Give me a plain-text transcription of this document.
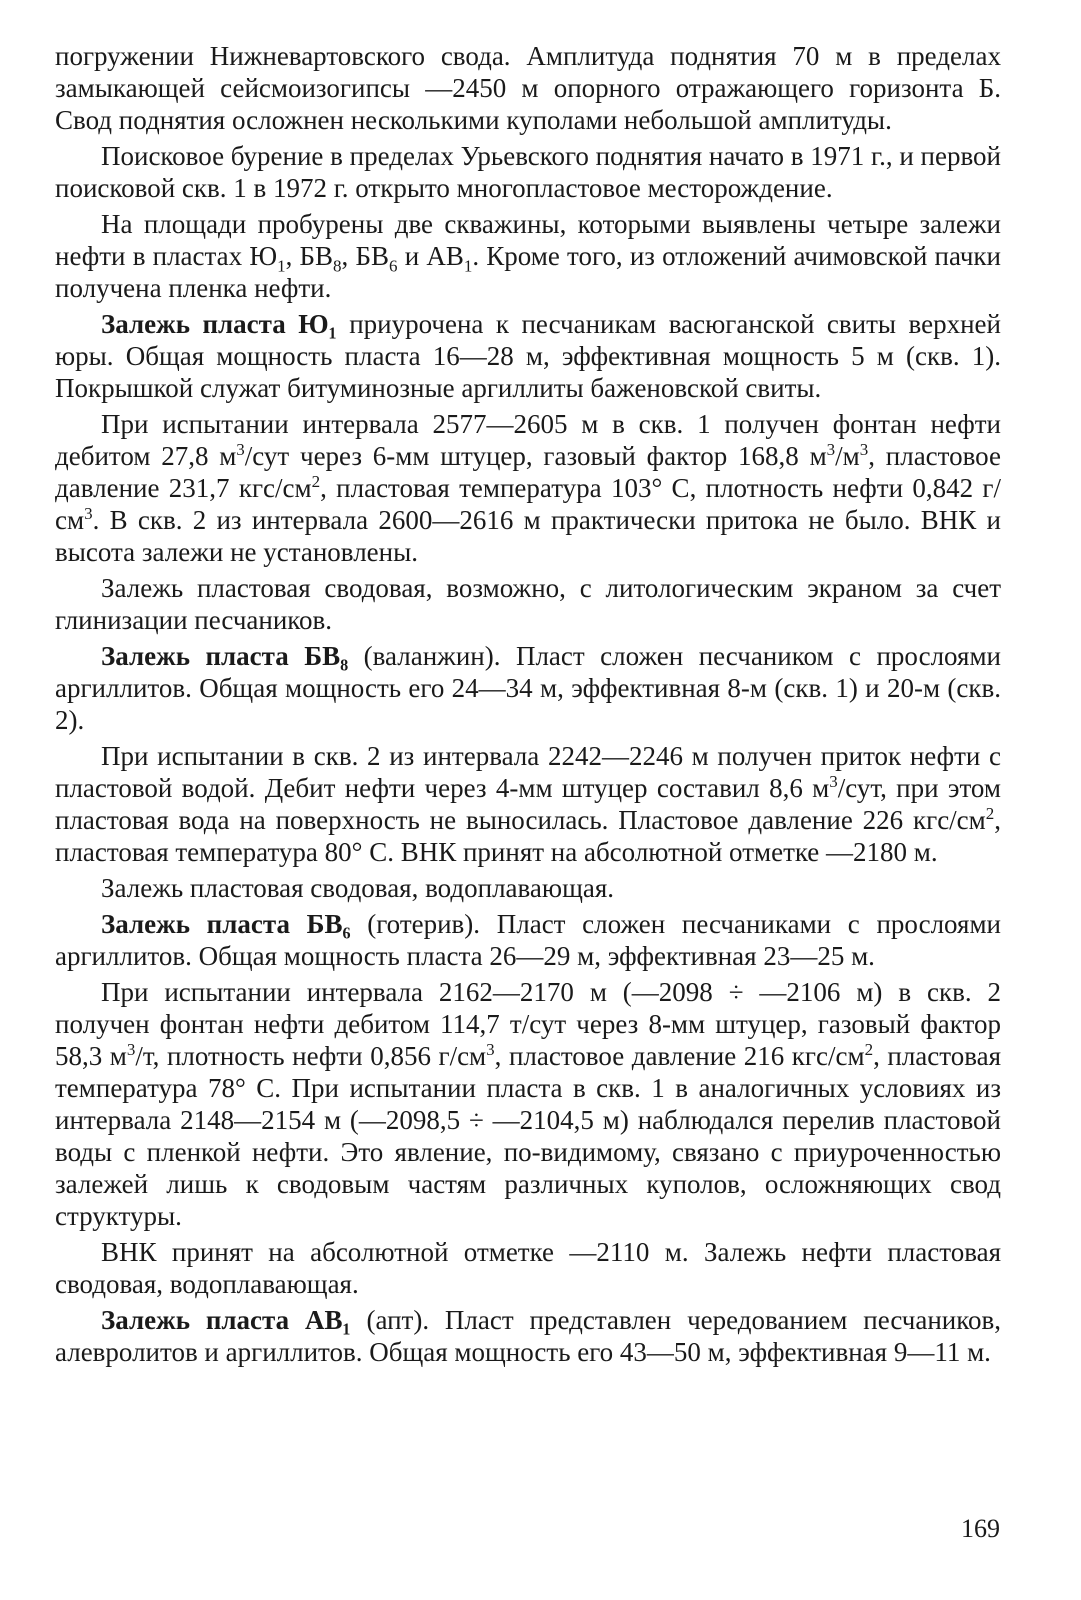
погружении Нижневартовского свода. Амплитуда поднятия 70 м в пределах замыкающей сейсмоизогипсы —2450 м опорного отражающего горизонта Б. Свод поднятия осложнен несколькими куполами небольшой амплитуды.

Поисковое бурение в пределах Урьевского поднятия начато в 1971 г., и первой поисковой скв. 1 в 1972 г. открыто многопластовое месторождение.

На площади пробурены две скважины, которыми выявлены четыре залежи нефти в пластах $Ю_1$, $БВ_8$, $БВ_6$ и $АВ_1$. Кроме того, из отложений ачимовской пачки получена пленка нефти.

Залежь пласта Ю₁ приурочена к песчаникам васюганской свиты верхней юры. Общая мощность пласта 16—28 м, эффективная мощность 5 м (скв. 1). Покрышкой служат битуминозные аргиллиты баженовской свиты.

При испытании интервала 2577—2605 м в скв. 1 получен фонтан нефти дебитом 27,8 $м^3$/сут через 6-мм штуцер, газовый фактор 168,8 $м^3/м^3$, пластовое давление 231,7 кгс/$см^2$, пластовая температура 103° С, плотность нефти 0,842 $г/см^3$. В скв. 2 из интервала 2600—2616 м практически притока не было. ВНК и высота залежи не установлены.

Залежь пластовая сводовая, возможно, с литологическим экраном за счет глинизации песчаников.

Залежь пласта БВ₈ (валанжин). Пласт сложен песчаником с прослоями аргиллитов. Общая мощность его 24—34 м, эффективная 8-м (скв. 1) и 20-м (скв. 2).

При испытании в скв. 2 из интервала 2242—2246 м получен приток нефти с пластовой водой. Дебит нефти через 4-мм штуцер составил 8,6 $м^3$/сут, при этом пластовая вода на поверхность не выносилась. Пластовое давление 226 кгс/$см^2$, пластовая температура 80° С. ВНК принят на абсолютной отметке —2180 м.

Залежь пластовая сводовая, водоплавающая.

Залежь пласта БВ₆ (готерив). Пласт сложен песчаниками с прослоями аргиллитов. Общая мощность пласта 26—29 м, эффективная 23—25 м.

При испытании интервала 2162—2170 м (—2098 ÷ —2106 м) в скв. 2 получен фонтан нефти дебитом 114,7 т/сут через 8-мм штуцер, газовый фактор 58,3 $м^3/т$, плотность нефти 0,856 $г/см^3$, пластовое давление 216 кгс/$см^2$, пластовая температура 78° С. При испытании пласта в скв. 1 в аналогичных условиях из интервала 2148—2154 м (—2098,5 ÷ —2104,5 м) наблюдался перелив пластовой воды с пленкой нефти. Это явление, по-видимому, связано с приуроченностью залежей лишь к сводовым частям различных куполов, осложняющих свод структуры.

ВНК принят на абсолютной отметке —2110 м. Залежь нефти пластовая сводовая, водоплавающая.

Залежь пласта АВ₁ (апт). Пласт представлен чередованием песчаников, алевролитов и аргиллитов. Общая мощность его 43—50 м, эффективная 9—11 м.

169
